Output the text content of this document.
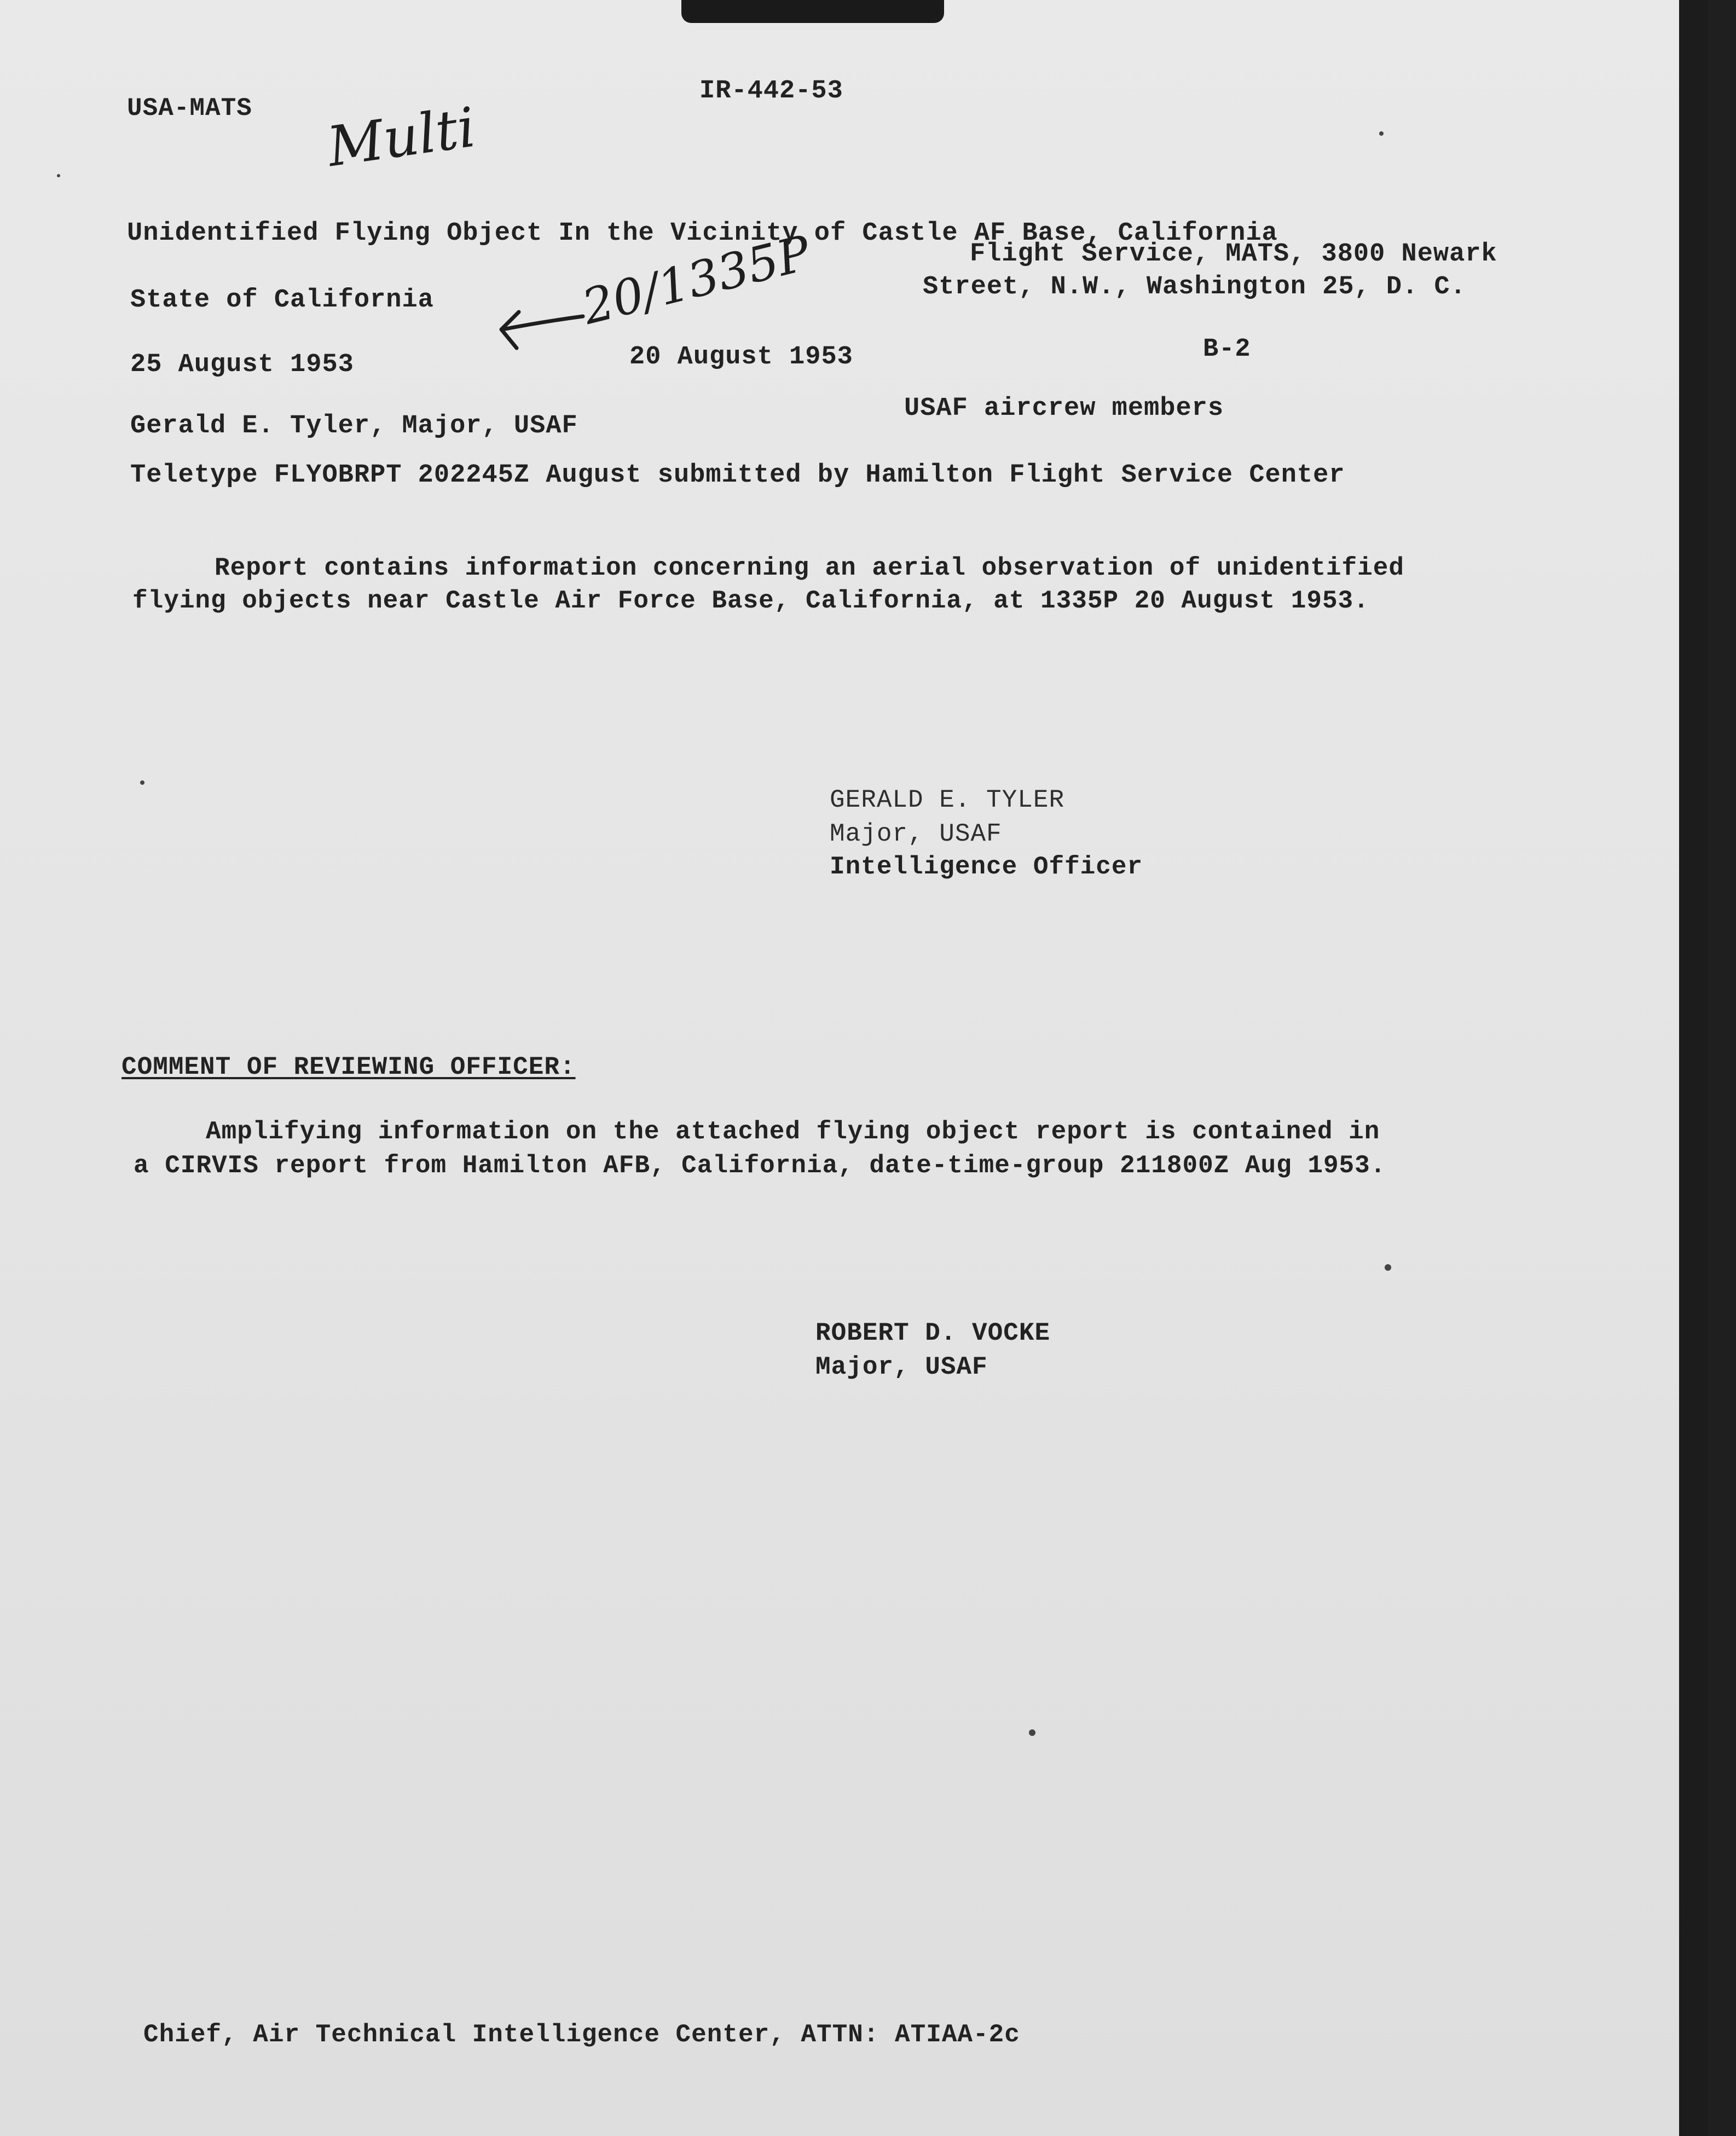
USA-MATS
IR-442-53
Multi
Unidentified Flying Object In the Vicinity of Castle AF Base, California
Flight Service, MATS, 3800 Newark
Street, N.W., Washington 25, D. C.
State of California	20/1335P
25 August 1953	20 August 1953	B-2
Gerald E. Tyler, Major, USAF
USAF aircrew members
Teletype FLYOBRPT 202245Z August submitted by Hamilton Flight Service Center
Report contains information concerning an aerial observation of unidentified
flying objects near Castle Air Force Base, California, at 1335P 20 August 1953.
GERALD E. TYLER
Major, USAF
Intelligence Officer
COMMENT OF REVIEWING OFFICER:
Amplifying information on the attached flying object report is contained in
a CIRVIS report from Hamilton AFB, California, date-time-group 211800Z Aug 1953.
ROBERT D. VOCKE
Major, USAF
Chief, Air Technical Intelligence Center, ATTN: ATIAA-2c
